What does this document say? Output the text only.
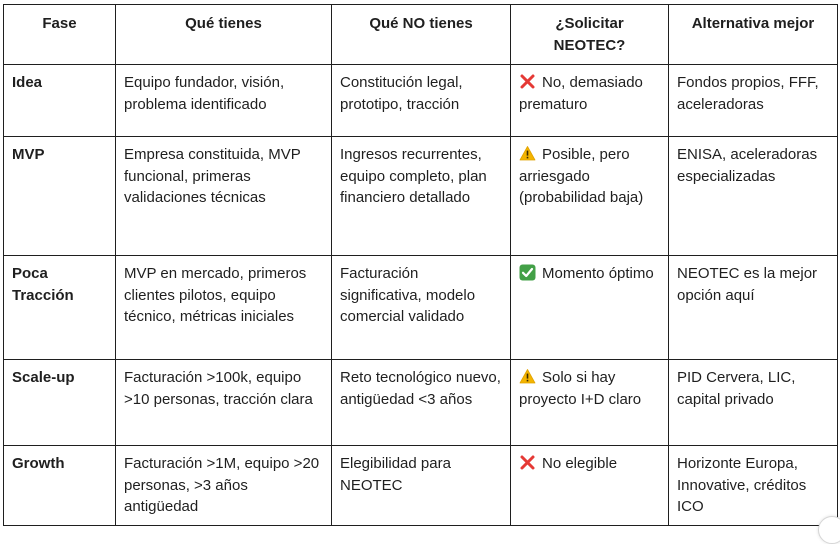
Fase	Qué tienes	Qué NO tienes	¿Solicitar NEOTEC?	Alternativa mejor
Idea	Equipo fundador, visión, problema identificado	Constitución legal, prototipo, tracción	No, demasiado prematuro	Fondos propios, FFF, aceleradoras
MVP	Empresa constituida, MVP funcional, primeras validaciones técnicas	Ingresos recurrentes, equipo completo, plan financiero detallado	Posible, pero arriesgado (probabilidad baja)	ENISA, aceleradoras especializadas
Poca Tracción	MVP en mercado, primeros clientes pilotos, equipo técnico, métricas iniciales	Facturación significativa, modelo comercial validado	Momento óptimo	NEOTEC es la mejor opción aquí
Scale-up	Facturación >100k, equipo >10 personas, tracción clara	Reto tecnológico nuevo, antigüedad <3 años	Solo si hay proyecto I+D claro	PID Cervera, LIC, capital privado
Growth	Facturación >1M, equipo >20 personas, >3 años antigüedad	Elegibilidad para NEOTEC	No elegible	Horizonte Europa, Innovative, créditos ICO
